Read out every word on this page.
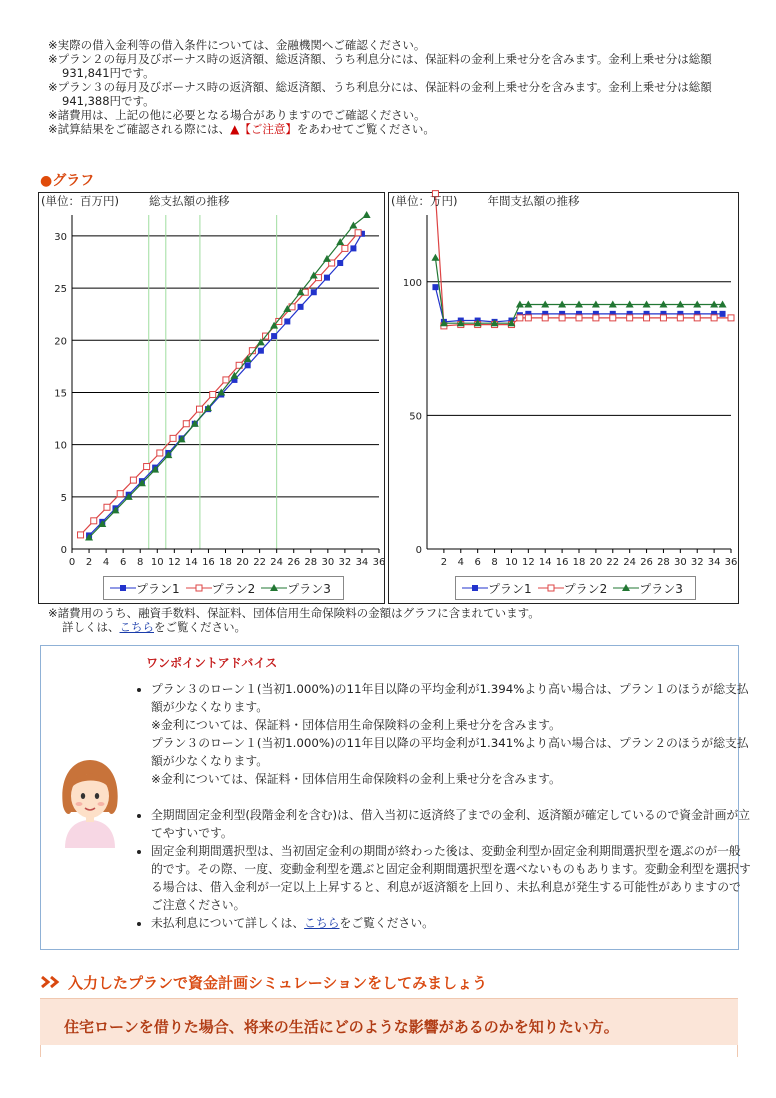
※実際の借入金利等の借入条件については、金融機関へご確認ください。
※プラン２の毎月及びボーナス時の返済額、総返済額、うち利息分には、保証料の金利上乗せ分を含みます。金利上乗せ分は総額931,841円です。
※プラン３の毎月及びボーナス時の返済額、総返済額、うち利息分には、保証料の金利上乗せ分を含みます。金利上乗せ分は総額941,388円です。
※諸費用は、上記の他に必要となる場合がありますのでご確認ください。
※試算結果をご確認される際には、▲【ご注意】をあわせてご覧ください。
●グラフ
0
5
10
15
20
25
30
0 2 4 6 8 10 12 14 16 18 20 22 24 26 28 30 32 34 36
(単位：百万円)	総支払額の推移
プラン1	プラン2	プラン3
0
50
100
2 4 6 8 10 12 14 16 18 20 22 24 26 28 30 32 34 36
(単位：万円)	年間支払額の推移
プラン1	プラン2	プラン3
※諸費用のうち、融資手数料、保証料、団体信用生命保険料の金額はグラフに含まれています。
詳しくは、こちらをご覧ください。
ワンポイントアドバイス
• プラン３のローン１(当初1.000%)の11年目以降の平均金利が1.394%より高い場合は、プラン１のほうが総支払額が少なくなります。
※金利については、保証料・団体信用生命保険料の金利上乗せ分を含みます。
プラン３のローン１(当初1.000%)の11年目以降の平均金利が1.341%より高い場合は、プラン２のほうが総支払額が少なくなります。
※金利については、保証料・団体信用生命保険料の金利上乗せ分を含みます。
• 全期間固定金利型(段階金利を含む)は、借入当初に返済終了までの金利、返済額が確定しているので資金計画が立てやすいです。
• 固定金利期間選択型は、当初固定金利の期間が終わった後は、変動金利型か固定金利期間選択型を選ぶのが一般的です。その際、一度、変動金利型を選ぶと固定金利期間選択型を選べないものもあります。変動金利型を選択する場合は、借入金利が一定以上上昇すると、利息が返済額を上回り、未払利息が発生する可能性がありますのでご注意ください。
• 未払利息について詳しくは、こちらをご覧ください。
入力したプランで資金計画シミュレーションをしてみましょう
住宅ローンを借りた場合、将来の生活にどのような影響があるのかを知りたい方。
